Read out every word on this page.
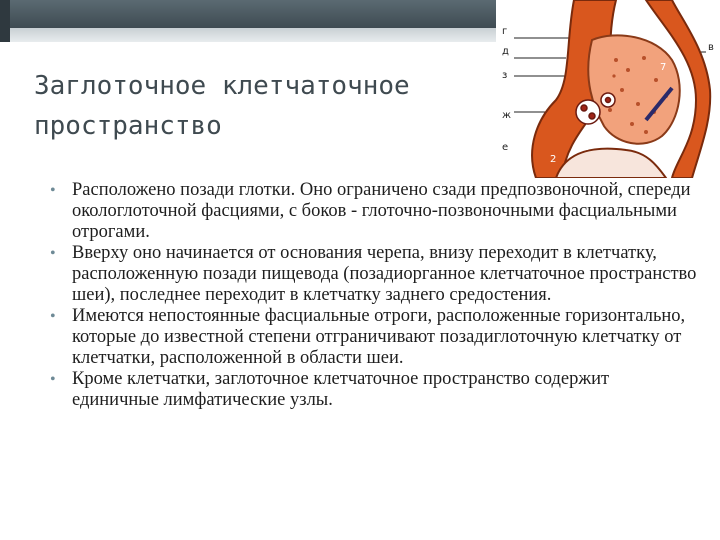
Заглоточное клетчаточное пространство
г
д
з
ж
е
в
1
2
3
4
5
7
• Расположено позади глотки. Оно ограничено сзади предпозвоночной, спереди окологлоточной фасциями, с боков - глоточно-позвоночными фасциальными отрогами.
• Вверху оно начинается от основания черепа, внизу переходит в клетчатку, расположенную позади пищевода (позадиорганное клетчаточное пространство шеи), последнее переходит в клетчатку заднего средостения.
• Имеются непостоянные фасциальные отроги, расположенные горизонтально, которые до известной степени отграничивают позадиглоточную клетчатку от клетчатки, расположенной в области шеи.
• Кроме клетчатки, заглоточное клетчаточное пространство содержит единичные лимфатические узлы.
